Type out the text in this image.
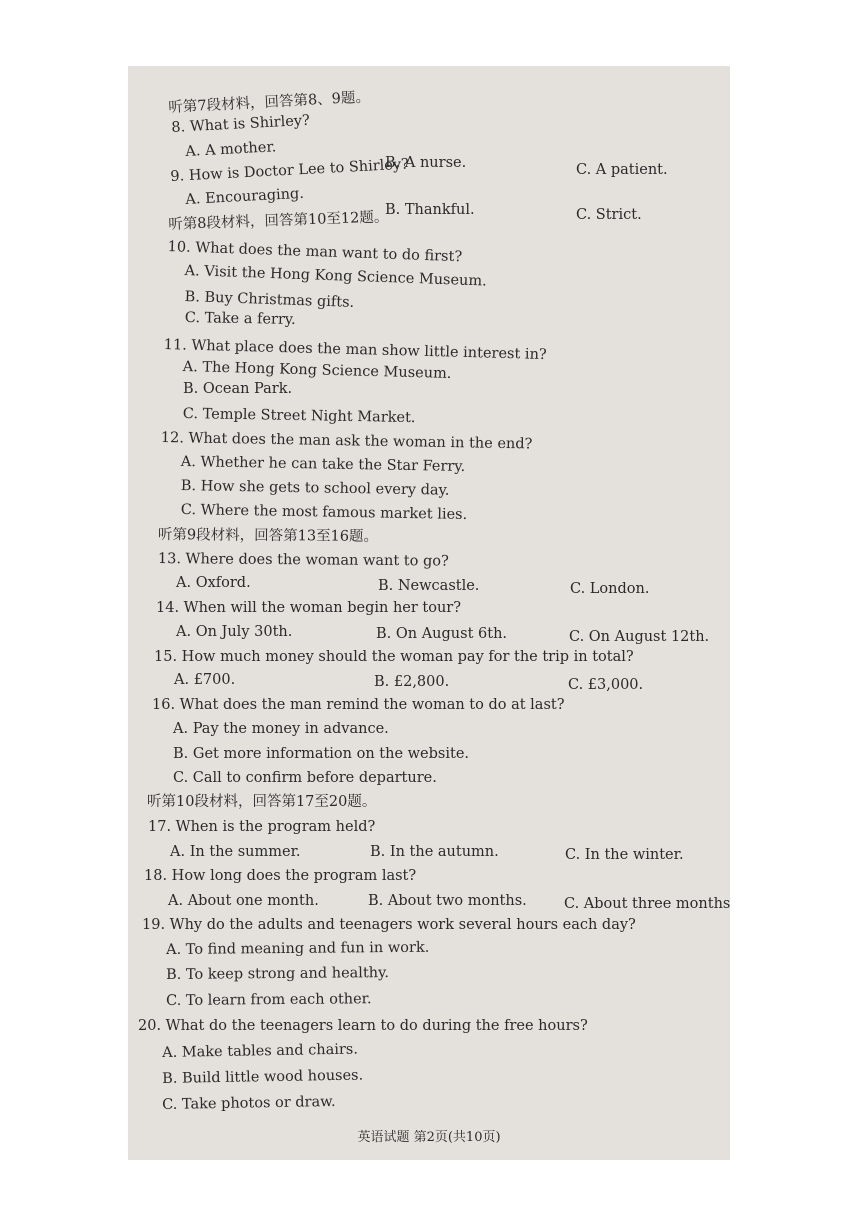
听第7段材料，回答第8、9题。
8. What is Shirley?
A. A mother.
B. A nurse.	C. A patient.
9. How is Doctor Lee to Shirley?
A. Encouraging.
B. Thankful.	C. Strict.
听第8段材料，回答第10至12题。
10. What does the man want to do first?
A. Visit the Hong Kong Science Museum.
B. Buy Christmas gifts.
C. Take a ferry.
11. What place does the man show little interest in?
A. The Hong Kong Science Museum.
B. Ocean Park.
C. Temple Street Night Market.
12. What does the man ask the woman in the end?
A. Whether he can take the Star Ferry.
B. How she gets to school every day.
C. Where the most famous market lies.
听第9段材料，回答第13至16题。
13. Where does the woman want to go?
A. Oxford.	B. Newcastle.	C. London.
14. When will the woman begin her tour?
A. On July 30th.	B. On August 6th.	C. On August 12th.
15. How much money should the woman pay for the trip in total?
A. £700.	B. £2,800.	C. £3,000.
16. What does the man remind the woman to do at last?
A. Pay the money in advance.
B. Get more information on the website.
C. Call to confirm before departure.
听第10段材料，回答第17至20题。
17. When is the program held?
A. In the summer.	B. In the autumn.	C. In the winter.
18. How long does the program last?
A. About one month.	B. About two months.	C. About three months
19. Why do the adults and teenagers work several hours each day?
A. To find meaning and fun in work.
B. To keep strong and healthy.
C. To learn from each other.
20. What do the teenagers learn to do during the free hours?
A. Make tables and chairs.
B. Build little wood houses.
C. Take photos or draw.
英语试题 第2页(共10页)
